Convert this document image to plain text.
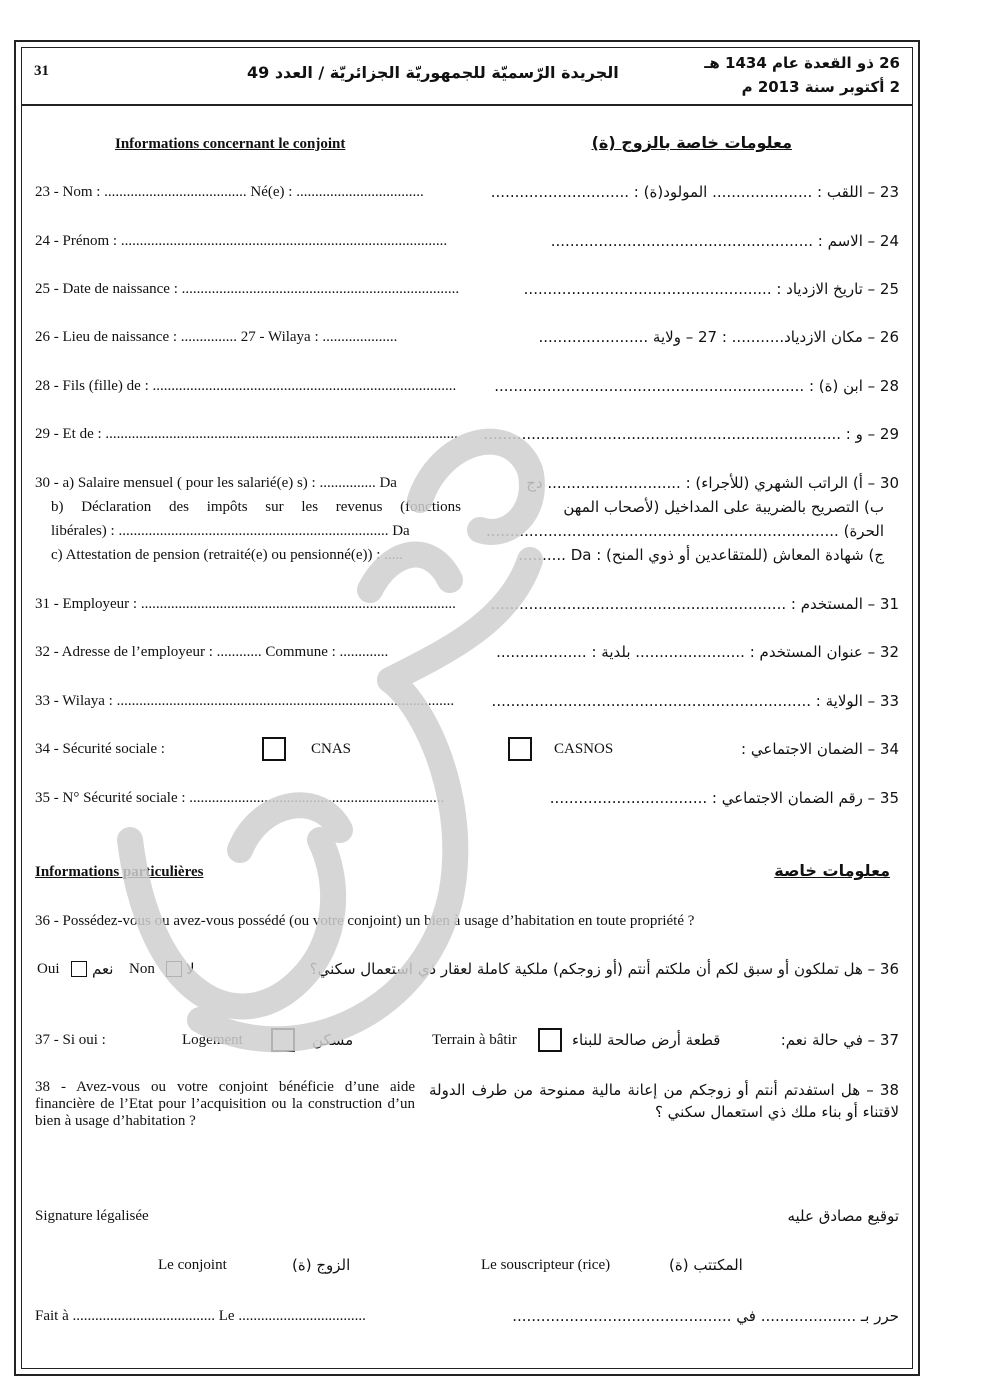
31	الجريدة الرّسميّة للجمهوريّة الجزائريّة / العدد 49	26 ذو القعدة عام 1434 هـ
2 أكتوبر سنة 2013 م
Informations concernant le conjoint	معلومات خاصة بالزوج (ة)
23 - Nom : ...................................... Né(e) : ..................................	23 – اللقب : ..................... المولود(ة) : .............................
24 - Prénom : .......................................................................................	24 – الاسم : .......................................................
25 - Date de naissance : ..........................................................................	25 – تاريخ الازدياد : ....................................................
26 - Lieu de naissance : ............... 27 - Wilaya : ....................	26 – مكان الازدياد........... : 27 – ولاية .......................
28 - Fils (fille) de : .................................................................................	28 – ابن (ة) : .................................................................
29 - Et de : .............................................................................................. 29 – و : ...........................................................................
30 - a) Salaire mensuel ( pour les salarié(e) s) : ............... Da	30 – أ) الراتب الشهري (للأجراء) : ............................ دج
b) Déclaration des impôts sur les revenus (fonctions	ب) التصريح بالضريبة على المداخيل (لأصحاب المهن
libérales) : ........................................................................ Da	الحرة) ..........................................................................
c) Attestation de pension (retraité(e) ou pensionné(e)) : .....	ج) شهادة المعاش (للمتقاعدين أو ذوي المنح) : Da ..........
31 - Employeur : .................................................................................... 31 – المستخدم : ..............................................................
32 - Adresse de l’employeur : ............ Commune : .............	32 – عنوان المستخدم : ....................... بلدية : ...................
33 - Wilaya : .......................................................................................... 33 – الولاية : ...................................................................
34 - Sécurité sociale :	CNAS	CASNOS	34 – الضمان الاجتماعي :
35 - N° Sécurité sociale : ....................................................................	35 – رقم الضمان الاجتماعي : .................................
Informations particulières	معلومات خاصة
36 - Possédez-vous ou avez-vous possédé (ou votre conjoint) un bien à usage d’habitation en toute propriété ?
Oui نعم Non لا	36 – هل تملكون أو سبق لكم أن ملكتم أنتم (أو زوجكم) ملكية كاملة لعقار ذي استعمال سكني؟
37 - Si oui :	Logement	مسكن	Terrain à bâtir	قطعة أرض صالحة للبناء	37 – في حالة نعم:
38 - Avez-vous ou votre conjoint bénéficie d’une aide financière de l’Etat pour l’acquisition ou la construction d’un bien à usage d’habitation ?
38 – هل استفدتم أنتم أو زوجكم من إعانة مالية ممنوحة من طرف الدولة لاقتناء أو بناء ملك ذي استعمال سكني ؟
Signature légalisée	توقيع مصادق عليه
Le conjoint	الزوج (ة)	Le souscripteur (rice)	المكتتب (ة)
Fait à ...................................... Le ..................................	حرر بـ .................... في ..............................................
